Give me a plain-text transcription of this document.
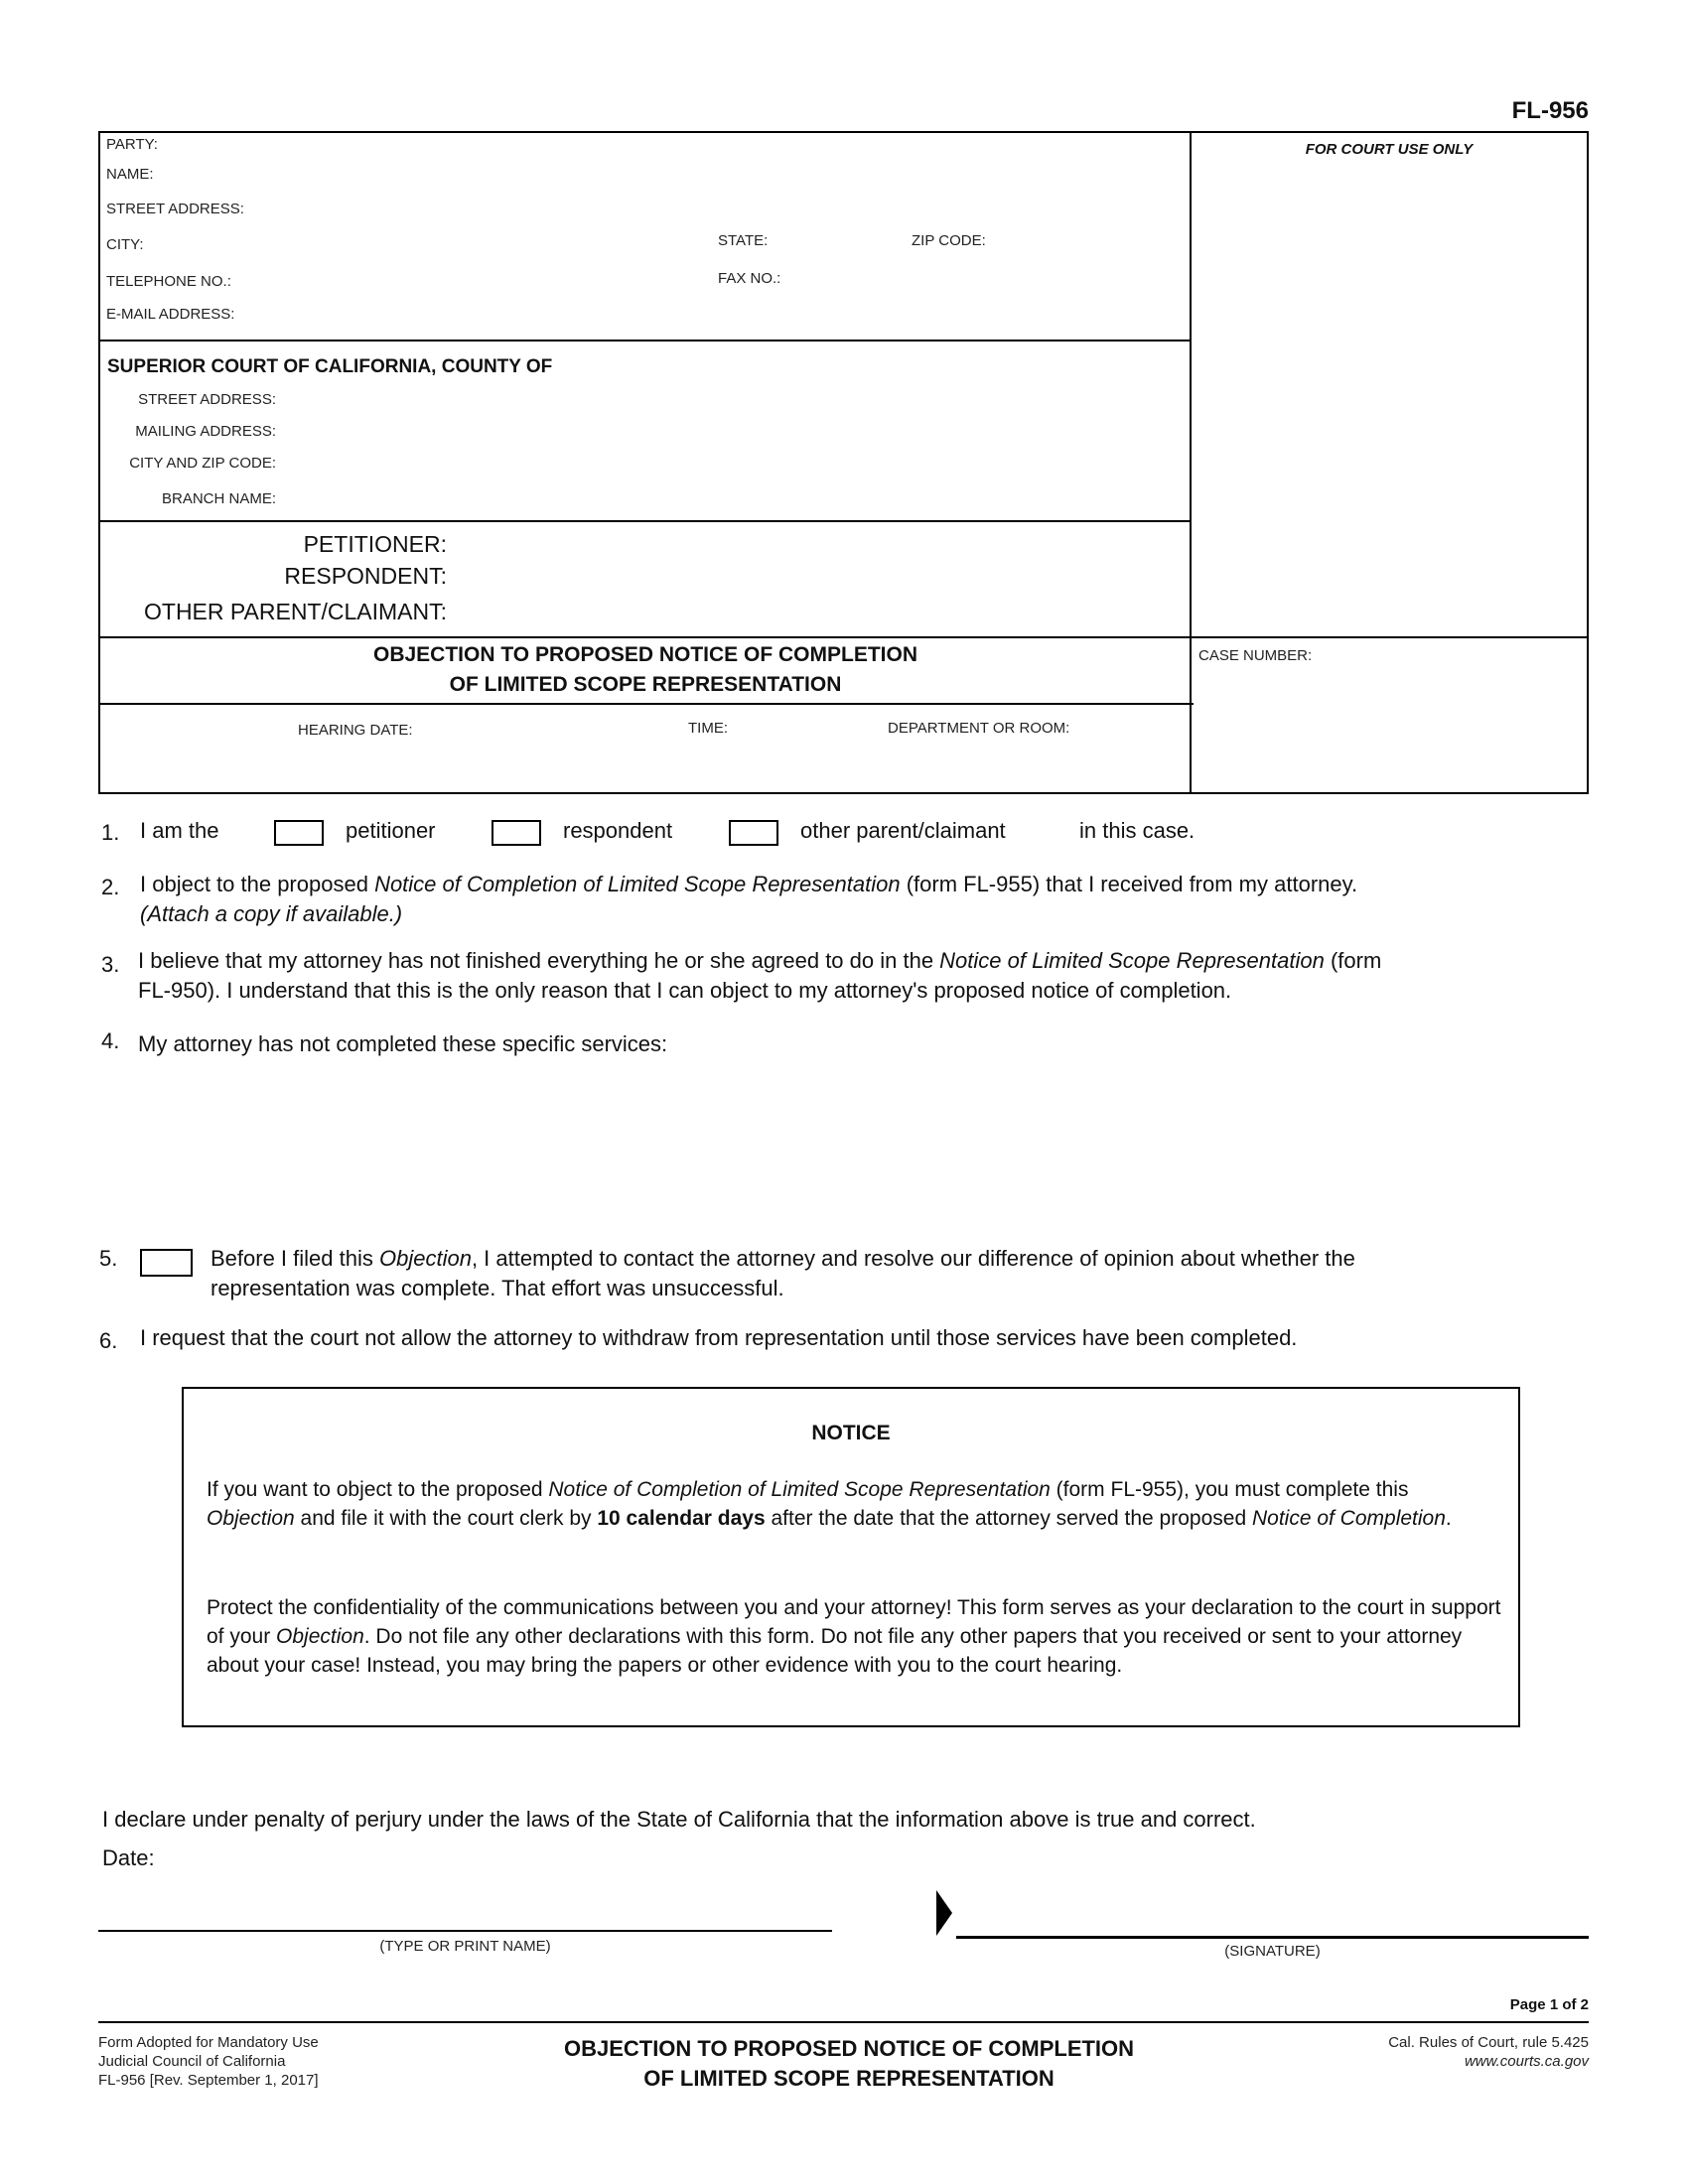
FL-956
FOR COURT USE ONLY
PARTY:
NAME:
STREET ADDRESS:
CITY:	STATE:	ZIP CODE:
TELEPHONE NO.:	FAX NO.:
E-MAIL ADDRESS:
SUPERIOR COURT OF CALIFORNIA, COUNTY OF
STREET ADDRESS:
MAILING ADDRESS:
CITY AND ZIP CODE:
BRANCH NAME:
PETITIONER:
RESPONDENT:
OTHER PARENT/CLAIMANT:
OBJECTION TO PROPOSED NOTICE OF COMPLETION
OF LIMITED SCOPE REPRESENTATION
CASE NUMBER:
HEARING DATE:	TIME:	DEPARTMENT OR ROOM:
1. I am the	petitioner	respondent	other parent/claimant	in this case.
2. I object to the proposed Notice of Completion of Limited Scope Representation (form FL-955) that I received from my attorney.
(Attach a copy if available.)
3. I believe that my attorney has not finished everything he or she agreed to do in the Notice of Limited Scope Representation (form
FL-950). I understand that this is the only reason that I can object to my attorney's proposed notice of completion.
4. My attorney has not completed these specific services:
5.	Before I filed this Objection, I attempted to contact the attorney and resolve our difference of opinion about whether the
representation was complete. That effort was unsuccessful.
6. I request that the court not allow the attorney to withdraw from representation until those services have been completed.
NOTICE
If you want to object to the proposed Notice of Completion of Limited Scope Representation (form FL-955), you must complete this Objection and file it with the court clerk by 10 calendar days after the date that the attorney served the proposed Notice of Completion.
Protect the confidentiality of the communications between you and your attorney! This form serves as your declaration to the court in support of your Objection. Do not file any other declarations with this form. Do not file any other papers that you received or sent to your attorney about your case! Instead, you may bring the papers or other evidence with you to the court hearing.
I declare under penalty of perjury under the laws of the State of California that the information above is true and correct.
Date:
(TYPE OR PRINT NAME)	(SIGNATURE)
Page 1 of 2
Form Adopted for Mandatory Use
Judicial Council of California
FL-956 [Rev. September 1, 2017]
OBJECTION TO PROPOSED NOTICE OF COMPLETION
OF LIMITED SCOPE REPRESENTATION
Cal. Rules of Court, rule 5.425
www.courts.ca.gov
